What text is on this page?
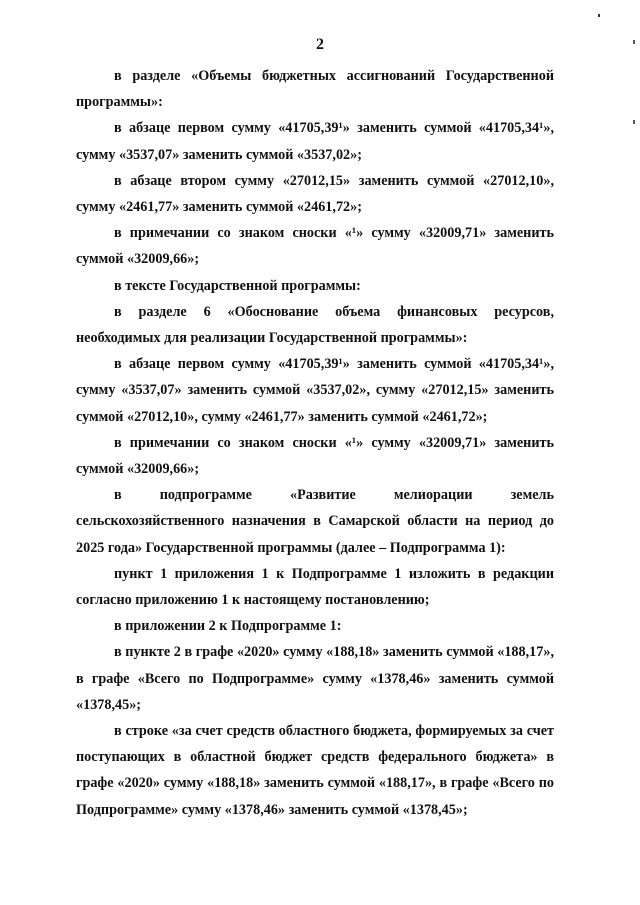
2

в разделе «Объемы бюджетных ассигнований Государственной программы»:

в абзаце первом сумму «41705,39¹» заменить суммой «41705,34¹», сумму «3537,07» заменить суммой «3537,02»;

в абзаце втором сумму «27012,15» заменить суммой «27012,10», сумму «2461,77» заменить суммой «2461,72»;

в примечании со знаком сноски «¹» сумму «32009,71» заменить суммой «32009,66»;

в тексте Государственной программы:

в разделе 6 «Обоснование объема финансовых ресурсов, необходимых для реализации Государственной программы»:

в абзаце первом сумму «41705,39¹» заменить суммой «41705,34¹», сумму «3537,07» заменить суммой «3537,02», сумму «27012,15» заменить суммой «27012,10», сумму «2461,77» заменить суммой «2461,72»;

в примечании со знаком сноски «¹» сумму «32009,71» заменить суммой «32009,66»;

в подпрограмме «Развитие мелиорации земель сельскохозяйственного назначения в Самарской области на период до 2025 года» Государственной программы (далее – Подпрограмма 1):

пункт 1 приложения 1 к Подпрограмме 1 изложить в редакции согласно приложению 1 к настоящему постановлению;

в приложении 2 к Подпрограмме 1:

в пункте 2 в графе «2020» сумму «188,18» заменить суммой «188,17», в графе «Всего по Подпрограмме» сумму «1378,46» заменить суммой «1378,45»;

в строке «за счет средств областного бюджета, формируемых за счет поступающих в областной бюджет средств федерального бюджета» в графе «2020» сумму «188,18» заменить суммой «188,17», в графе «Всего по Подпрограмме» сумму «1378,46» заменить суммой «1378,45»;
